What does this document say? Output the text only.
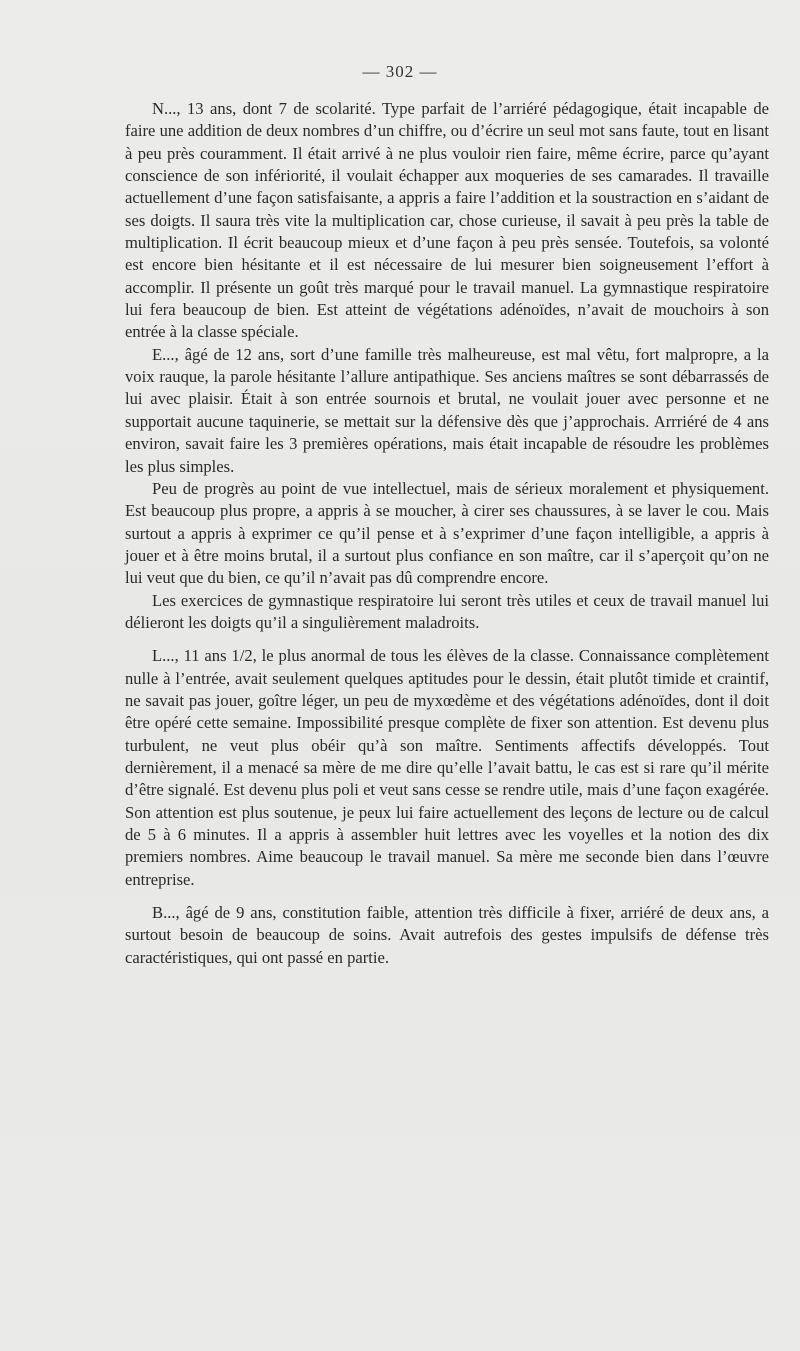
— 302 —

N..., 13 ans, dont 7 de scolarité. Type parfait de l’arriéré pédagogique, était incapable de faire une addition de deux nombres d’un chiffre, ou d’écrire un seul mot sans faute, tout en lisant à peu près couramment. Il était arrivé à ne plus vouloir rien faire, même écrire, parce qu’ayant conscience de son infériorité, il voulait échapper aux moqueries de ses camarades. Il travaille actuellement d’une façon satisfaisante, a appris a faire l’addition et la soustraction en s’aidant de ses doigts. Il saura très vite la multiplication car, chose curieuse, il savait à peu près la table de multiplication. Il écrit beaucoup mieux et d’une façon à peu près sensée. Toutefois, sa volonté est encore bien hésitante et il est nécessaire de lui mesurer bien soigneusement l’effort à accomplir. Il présente un goût très marqué pour le travail manuel. La gymnastique respiratoire lui fera beaucoup de bien. Est atteint de végétations adénoïdes, n’avait de mouchoirs à son entrée à la classe spéciale.

E..., âgé de 12 ans, sort d’une famille très malheureuse, est mal vêtu, fort malpropre, a la voix rauque, la parole hésitante l’allure antipathique. Ses anciens maîtres se sont débarrassés de lui avec plaisir. Était à son entrée sournois et brutal, ne voulait jouer avec personne et ne supportait aucune taquinerie, se mettait sur la défensive dès que j’approchais. Arrriéré de 4 ans environ, savait faire les 3 premières opérations, mais était incapable de résoudre les problèmes les plus simples.

Peu de progrès au point de vue intellectuel, mais de sérieux moralement et physiquement. Est beaucoup plus propre, a appris à se moucher, à cirer ses chaussures, à se laver le cou. Mais surtout a appris à exprimer ce qu’il pense et à s’exprimer d’une façon intelligible, a appris à jouer et à être moins brutal, il a surtout plus confiance en son maître, car il s’aperçoit qu’on ne lui veut que du bien, ce qu’il n’avait pas dû comprendre encore.

Les exercices de gymnastique respiratoire lui seront très utiles et ceux de travail manuel lui délieront les doigts qu’il a singulièrement maladroits.

L..., 11 ans 1/2, le plus anormal de tous les élèves de la classe. Connaissance complètement nulle à l’entrée, avait seulement quelques aptitudes pour le dessin, était plutôt timide et craintif, ne savait pas jouer, goître léger, un peu de myxœdème et des végétations adénoïdes, dont il doit être opéré cette semaine. Impossibilité presque complète de fixer son attention. Est devenu plus turbulent, ne veut plus obéir qu’à son maître. Sentiments affectifs développés. Tout dernièrement, il a menacé sa mère de me dire qu’elle l’avait battu, le cas est si rare qu’il mérite d’être signalé. Est devenu plus poli et veut sans cesse se rendre utile, mais d’une façon exagérée. Son attention est plus soutenue, je peux lui faire actuellement des leçons de lecture ou de calcul de 5 à 6 minutes. Il a appris à assembler huit lettres avec les voyelles et la notion des dix premiers nombres. Aime beaucoup le travail manuel. Sa mère me seconde bien dans l’œuvre entreprise.

B..., âgé de 9 ans, constitution faible, attention très difficile à fixer, arriéré de deux ans, a surtout besoin de beaucoup de soins. Avait autrefois des gestes impulsifs de défense très caractéristiques, qui ont passé en partie.
